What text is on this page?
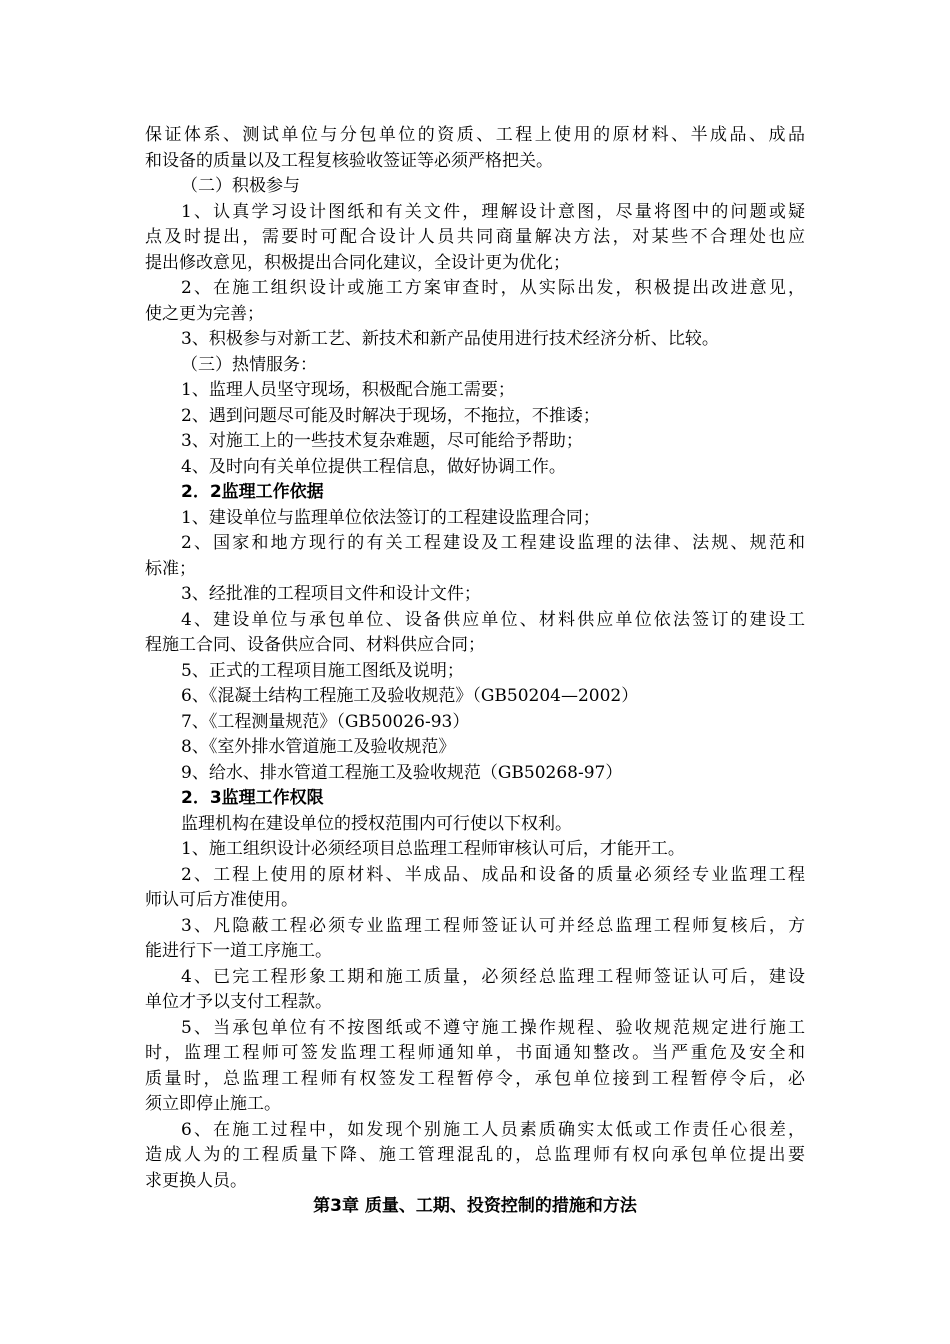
保证体系、测试单位与分包单位的资质、工程上使用的原材料、半成品、成品
和设备的质量以及工程复核验收签证等必须严格把关。
（二）积极参与
1、认真学习设计图纸和有关文件，理解设计意图，尽量将图中的问题或疑
点及时提出，需要时可配合设计人员共同商量解决方法，对某些不合理处也应
提出修改意见，积极提出合同化建议，全设计更为优化；
2、在施工组织设计或施工方案审查时，从实际出发，积极提出改进意见，
使之更为完善；
3、积极参与对新工艺、新技术和新产品使用进行技术经济分析、比较。
（三）热情服务：
1、监理人员坚守现场，积极配合施工需要；
2、遇到问题尽可能及时解决于现场，不拖拉，不推诿；
3、对施工上的一些技术复杂难题，尽可能给予帮助；
4、及时向有关单位提供工程信息，做好协调工作。
2．2监理工作依据
1、建设单位与监理单位依法签订的工程建设监理合同；
2、国家和地方现行的有关工程建设及工程建设监理的法律、法规、规范和
标准；
3、经批准的工程项目文件和设计文件；
4、建设单位与承包单位、设备供应单位、材料供应单位依法签订的建设工
程施工合同、设备供应合同、材料供应合同；
5、正式的工程项目施工图纸及说明；
6、《混凝土结构工程施工及验收规范》（GB50204—2002）
7、《工程测量规范》（GB50026-93）
8、《室外排水管道施工及验收规范》
9、给水、排水管道工程施工及验收规范（GB50268-97）
2．3监理工作权限
监理机构在建设单位的授权范围内可行使以下权利。
1、施工组织设计必须经项目总监理工程师审核认可后，才能开工。
2、工程上使用的原材料、半成品、成品和设备的质量必须经专业监理工程
师认可后方准使用。
3、凡隐蔽工程必须专业监理工程师签证认可并经总监理工程师复核后，方
能进行下一道工序施工。
4、已完工程形象工期和施工质量，必须经总监理工程师签证认可后，建设
单位才予以支付工程款。
5、当承包单位有不按图纸或不遵守施工操作规程、验收规范规定进行施工
时，监理工程师可签发监理工程师通知单，书面通知整改。当严重危及安全和
质量时，总监理工程师有权签发工程暂停令，承包单位接到工程暂停令后，必
须立即停止施工。
6、在施工过程中，如发现个别施工人员素质确实太低或工作责任心很差，
造成人为的工程质量下降、施工管理混乱的，总监理师有权向承包单位提出要
求更换人员。
第3章 质量、工期、投资控制的措施和方法
